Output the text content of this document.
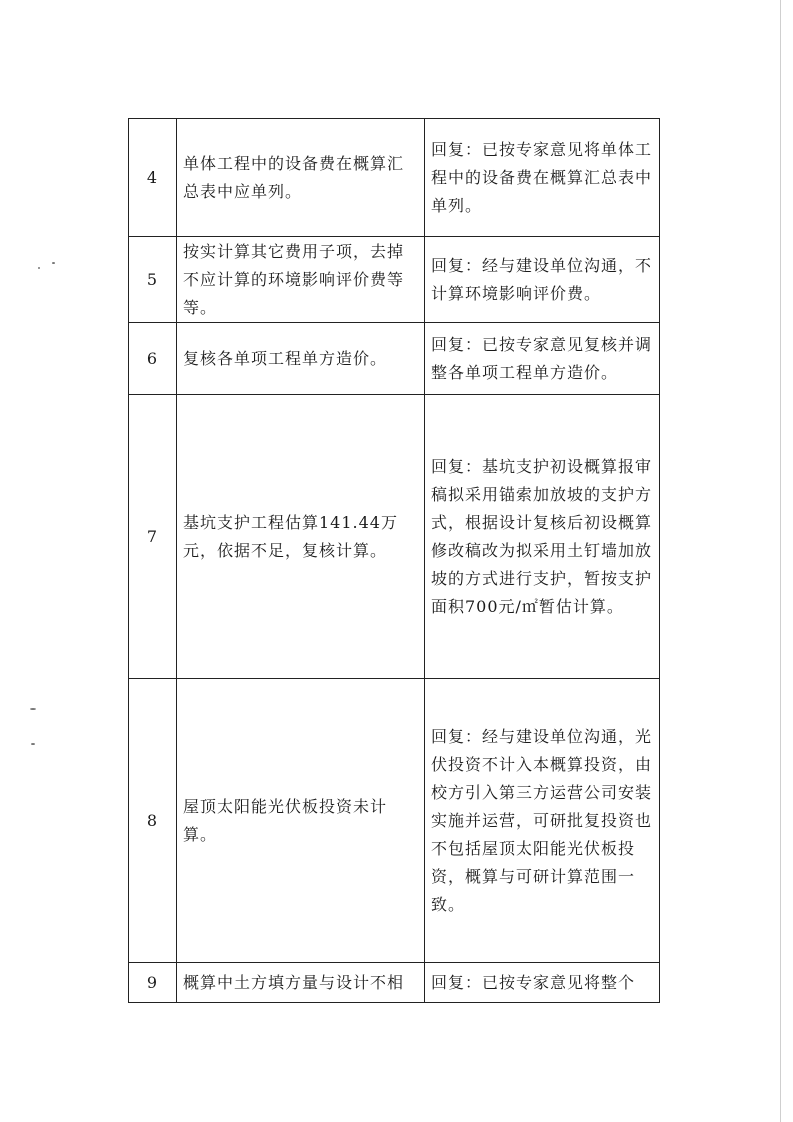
4	单体工程中的设备费在概算汇总表中应单列。	回复：已按专家意见将单体工程中的设备费在概算汇总表中单列。
5	按实计算其它费用子项，去掉不应计算的环境影响评价费等等。	回复：经与建设单位沟通，不计算环境影响评价费。
6	复核各单项工程单方造价。	回复：已按专家意见复核并调整各单项工程单方造价。
7	基坑支护工程估算141.44万元，依据不足，复核计算。	回复：基坑支护初设概算报审稿拟采用锚索加放坡的支护方式，根据设计复核后初设概算修改稿改为拟采用土钉墙加放坡的方式进行支护，暂按支护面积700元/㎡暂估计算。
8	屋顶太阳能光伏板投资未计算。	回复：经与建设单位沟通，光伏投资不计入本概算投资，由校方引入第三方运营公司安装实施并运营，可研批复投资也不包括屋顶太阳能光伏板投资，概算与可研计算范围一致。
9	概算中土方填方量与设计不相	回复：已按专家意见将整个
